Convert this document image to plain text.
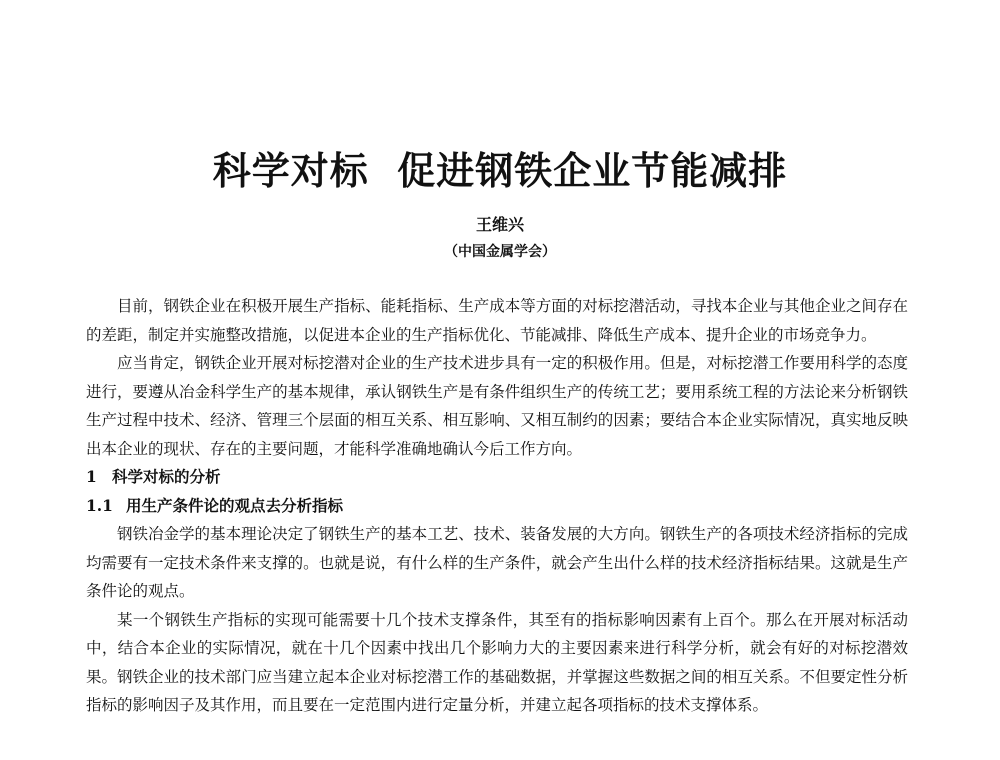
科学对标  促进钢铁企业节能减排
王维兴
（中国金属学会）

目前，钢铁企业在积极开展生产指标、能耗指标、生产成本等方面的对标挖潜活动，寻找本企业与其他企业之间存在的差距，制定并实施整改措施，以促进本企业的生产指标优化、节能减排、降低生产成本、提升企业的市场竞争力。

应当肯定，钢铁企业开展对标挖潜对企业的生产技术进步具有一定的积极作用。但是，对标挖潜工作要用科学的态度进行，要遵从冶金科学生产的基本规律，承认钢铁生产是有条件组织生产的传统工艺；要用系统工程的方法论来分析钢铁生产过程中技术、经济、管理三个层面的相互关系、相互影响、又相互制约的因素；要结合本企业实际情况，真实地反映出本企业的现状、存在的主要问题，才能科学准确地确认今后工作方向。

1 科学对标的分析
1.1 用生产条件论的观点去分析指标

钢铁冶金学的基本理论决定了钢铁生产的基本工艺、技术、装备发展的大方向。钢铁生产的各项技术经济指标的完成均需要有一定技术条件来支撑的。也就是说，有什么样的生产条件，就会产生出什么样的技术经济指标结果。这就是生产条件论的观点。

某一个钢铁生产指标的实现可能需要十几个技术支撑条件，其至有的指标影响因素有上百个。那么在开展对标活动中，结合本企业的实际情况，就在十几个因素中找出几个影响力大的主要因素来进行科学分析，就会有好的对标挖潜效果。钢铁企业的技术部门应当建立起本企业对标挖潜工作的基础数据，并掌握这些数据之间的相互关系。不但要定性分析指标的影响因子及其作用，而且要在一定范围内进行定量分析，并建立起各项指标的技术支撑体系。
